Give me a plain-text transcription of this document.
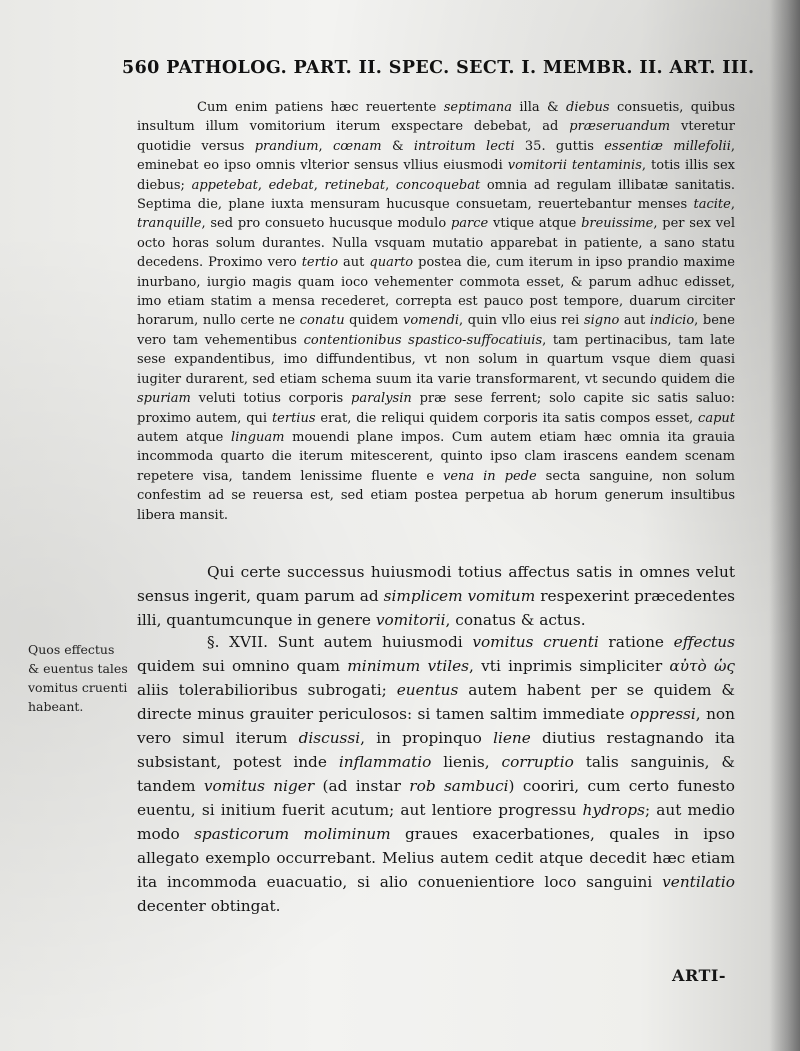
560 PATHOLOG. PART. II. SPEC. SECT. I. MEMBR. II. ART. III.
Cum enim patiens hæc reuertente septimana illa & diebus consuetis, quibus insultum illum vomitorium iterum exspectare debebat, ad præseruandum vteretur quotidie versus prandium, cœnam & introitum lecti 35. guttis essentiæ millefolii, eminebat eo ipso omnis vlterior sensus vllius eiusmodi vomitorii tentaminis, totis illis sex diebus; appetebat, edebat, retinebat, concoquebat omnia ad regulam illibatæ sanitatis. Septima die, plane iuxta mensuram hucusque consuetam, reuertebantur menses tacite, tranquille, sed pro consueto hucusque modulo parce vtique atque breuissime, per sex vel octo horas solum durantes. Nulla vsquam mutatio apparebat in patiente, a sano statu decedens. Proximo vero tertio aut quarto postea die, cum iterum in ipso prandio maxime inurbano, iurgio magis quam ioco vehementer commota esset, & parum adhuc edisset, imo etiam statim a mensa recederet, correpta est pauco post tempore, duarum circiter horarum, nullo certe ne conatu quidem vomendi, quin vllo eius rei signo aut indicio, bene vero tam vehementibus contentionibus spastico-suffocatiuis, tam pertinacibus, tam late sese expandentibus, imo diffundentibus, vt non solum in quartum vsque diem quasi iugiter durarent, sed etiam schema suum ita varie transformarent, vt secundo quidem die spuriam veluti totius corporis paralysin præ sese ferrent; solo capite sic satis saluo: proximo autem, qui tertius erat, die reliqui quidem corporis ita satis compos esset, caput autem atque linguam mouendi plane impos. Cum autem etiam hæc omnia ita grauia incommoda quarto die iterum mitescerent, quinto ipso clam irascens eandem scenam repetere visa, tandem lenissime fluente e vena in pede secta sanguine, non solum confestim ad se reuersa est, sed etiam postea perpetua ab horum generum insultibus libera mansit.
Qui certe successus huiusmodi totius affectus satis in omnes velut sensus ingerit, quam parum ad simplicem vomitum respexerint præcedentes illi, quantumcunque in genere vomitorii, conatus & actus.
§. XVII. Sunt autem huiusmodi vomitus cruenti ratione effectus quidem sui omnino quam minimum vtiles, vti inprimis simpliciter αὐτὸ ὡς aliis tolerabilioribus subrogati; euentus autem habent per se quidem & directe minus grauiter periculosos: si tamen saltim immediate oppressi, non vero simul iterum discussi, in propinquo liene diutius restagnando ita subsistant, potest inde inflammatio lienis, corruptio talis sanguinis, & tandem vomitus niger (ad instar rob sambuci) cooriri, cum certo funesto euentu, si initium fuerit acutum; aut lentiore progressu hydrops; aut medio modo spasticorum moliminum graues exacerbationes, quales in ipso allegato exemplo occurrebant. Melius autem cedit atque decedit hæc etiam ita incommoda euacuatio, si alio conuenientiore loco sanguini ventilatio decenter obtingat.
Quos effectus & euentus tales vomitus cruenti habeant.
ARTI-
